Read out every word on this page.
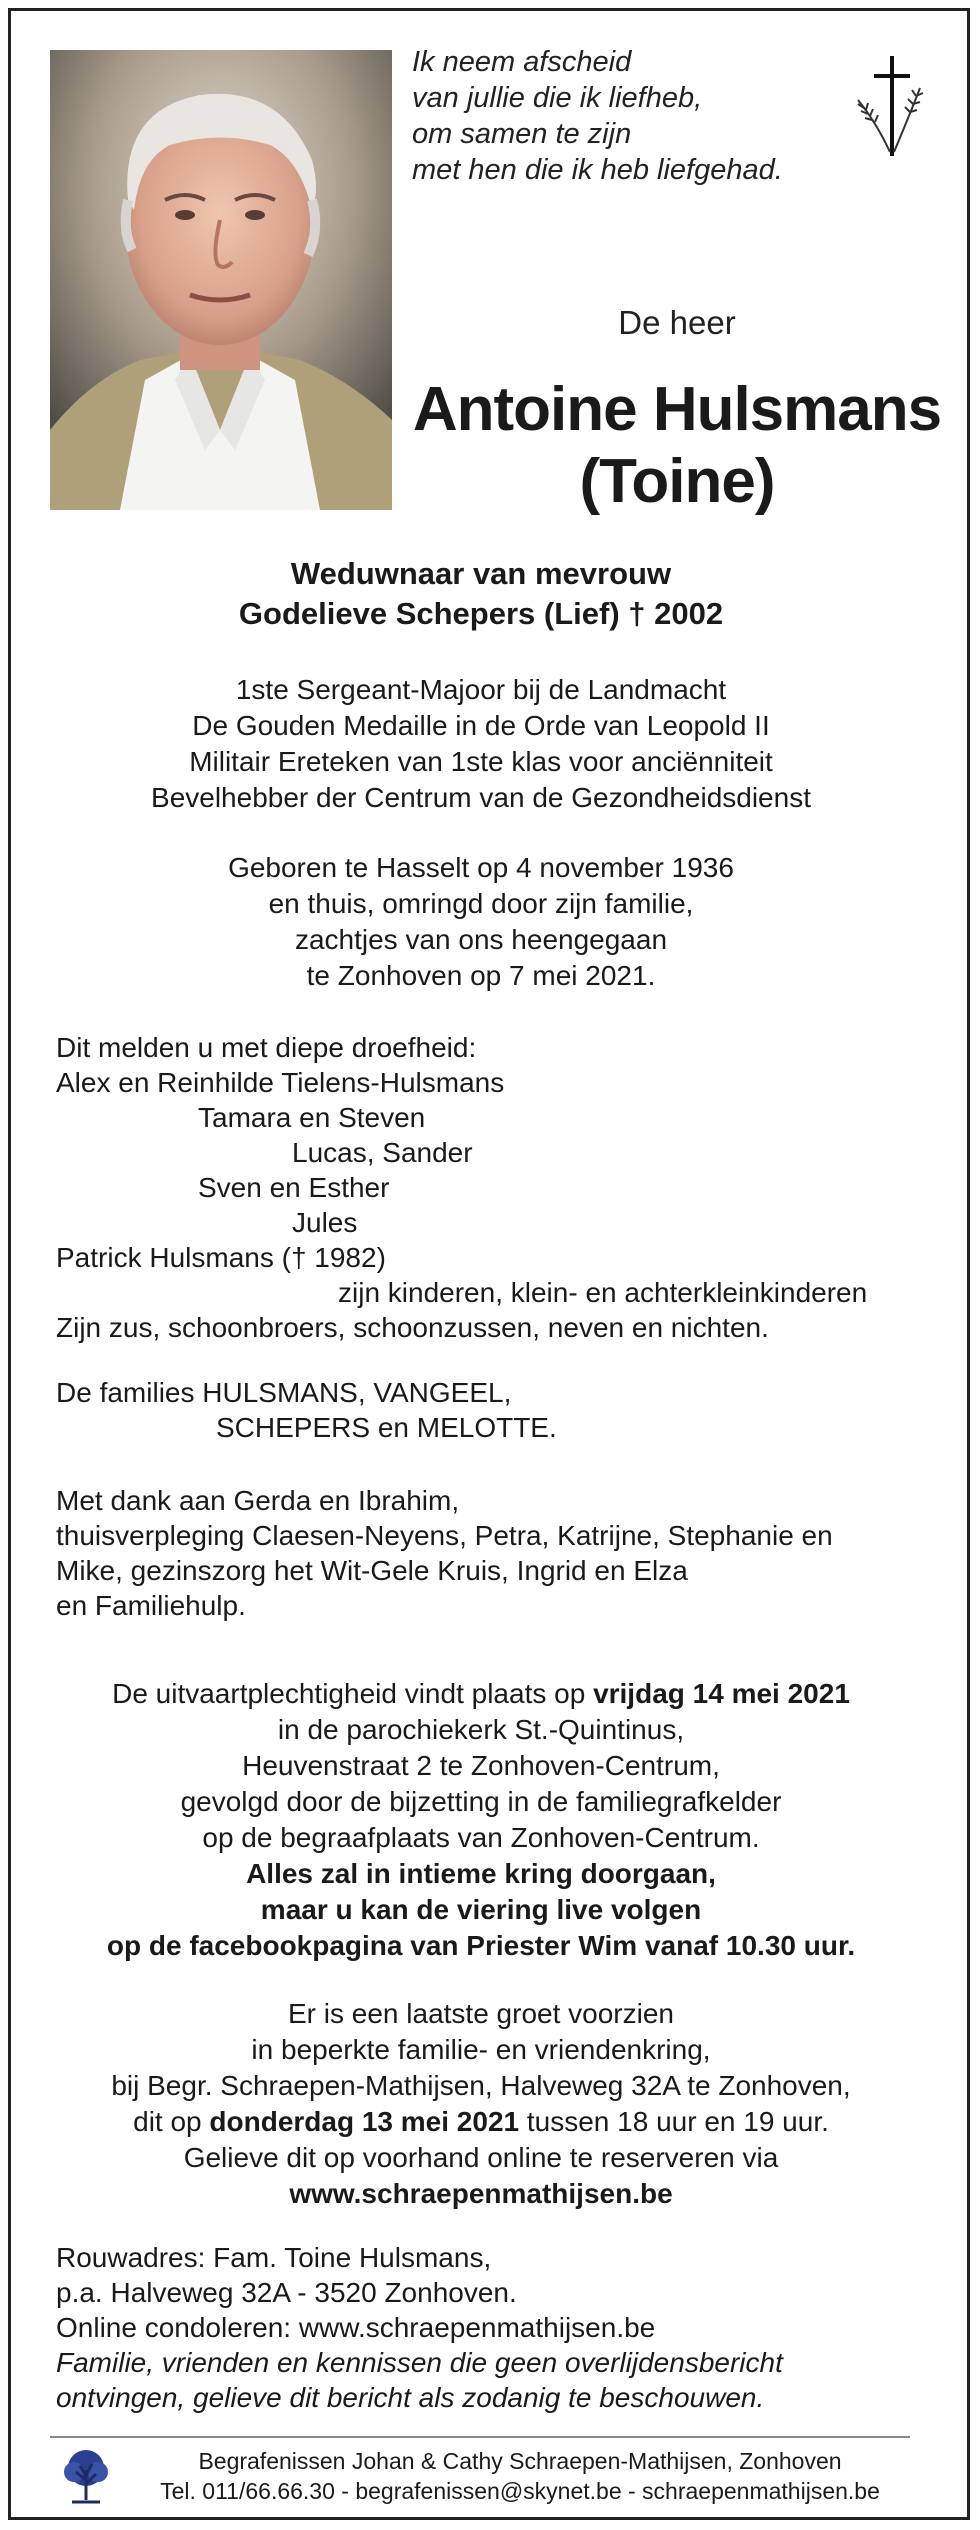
Ik neem afscheid
van jullie die ik liefheb,
om samen te zijn
met hen die ik heb liefgehad.
De heer
Antoine Hulsmans
(Toine)
Weduwnaar van mevrouw
Godelieve Schepers (Lief) † 2002
1ste Sergeant-Majoor bij de Landmacht
De Gouden Medaille in de Orde van Leopold II
Militair Ereteken van 1ste klas voor anciënniteit
Bevelhebber der Centrum van de Gezondheidsdienst
Geboren te Hasselt op 4 november 1936
en thuis, omringd door zijn familie,
zachtjes van ons heengegaan
te Zonhoven op 7 mei 2021.
Dit melden u met diepe droefheid:
Alex en Reinhilde Tielens-Hulsmans
Tamara en Steven
Lucas, Sander
Sven en Esther
Jules
Patrick Hulsmans († 1982)
zijn kinderen, klein- en achterkleinkinderen
Zijn zus, schoonbroers, schoonzussen, neven en nichten.
De families HULSMANS, VANGEEL,
SCHEPERS en MELOTTE.
Met dank aan Gerda en Ibrahim,
thuisverpleging Claesen-Neyens, Petra, Katrijne, Stephanie en
Mike, gezinszorg het Wit-Gele Kruis, Ingrid en Elza
en Familiehulp.
De uitvaartplechtigheid vindt plaats op vrijdag 14 mei 2021
in de parochiekerk St.-Quintinus,
Heuvenstraat 2 te Zonhoven-Centrum,
gevolgd door de bijzetting in de familiegrafkelder
op de begraafplaats van Zonhoven-Centrum.
Alles zal in intieme kring doorgaan,
maar u kan de viering live volgen
op de facebookpagina van Priester Wim vanaf 10.30 uur.
Er is een laatste groet voorzien
in beperkte familie- en vriendenkring,
bij Begr. Schraepen-Mathijsen, Halveweg 32A te Zonhoven,
dit op donderdag 13 mei 2021 tussen 18 uur en 19 uur.
Gelieve dit op voorhand online te reserveren via
www.schraepenmathijsen.be
Rouwadres: Fam. Toine Hulsmans,
p.a. Halveweg 32A - 3520 Zonhoven.
Online condoleren: www.schraepenmathijsen.be
Familie, vrienden en kennissen die geen overlijdensbericht
ontvingen, gelieve dit bericht als zodanig te beschouwen.
Begrafenissen Johan & Cathy Schraepen-Mathijsen, Zonhoven
Tel. 011/66.66.30 - begrafenissen@skynet.be - schraepenmathijsen.be
